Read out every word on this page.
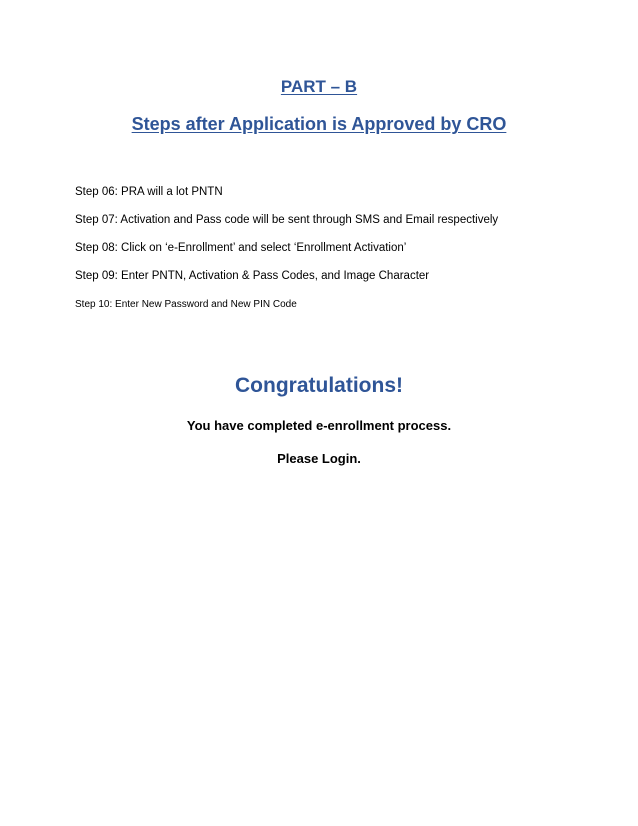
PART – B
Steps after Application is Approved by CRO
Step 06: PRA will a lot PNTN
Step 07: Activation and Pass code will be sent through SMS and Email respectively
Step 08: Click on ‘e-Enrollment’ and select ‘Enrollment Activation’
Step 09: Enter PNTN, Activation & Pass Codes, and Image Character
Step 10: Enter New Password and New PIN Code
Congratulations!
You have completed e-enrollment process.
Please Login.
